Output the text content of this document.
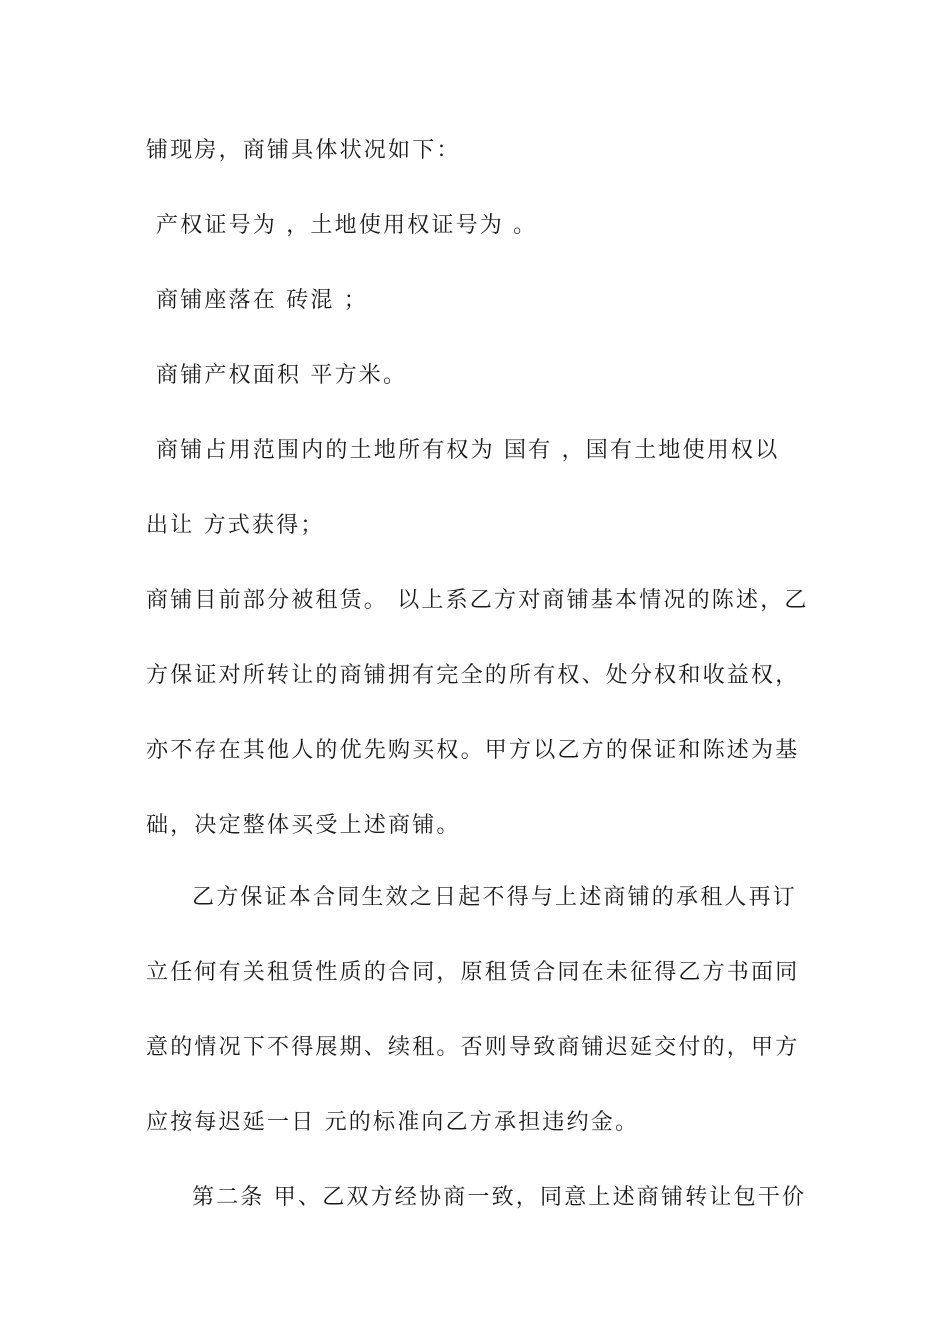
铺现房，商铺具体状况如下：
产权证号为 ，土地使用权证号为 。
商铺座落在 砖混 ；
商铺产权面积 平方米。
商铺占用范围内的土地所有权为 国有 ，国有土地使用权以
出让 方式获得；
商铺目前部分被租赁。 以上系乙方对商铺基本情况的陈述，乙
方保证对所转让的商铺拥有完全的所有权、处分权和收益权，
亦不存在其他人的优先购买权。甲方以乙方的保证和陈述为基
础，决定整体买受上述商铺。
乙方保证本合同生效之日起不得与上述商铺的承租人再订
立任何有关租赁性质的合同，原租赁合同在未征得乙方书面同
意的情况下不得展期、续租。否则导致商铺迟延交付的，甲方
应按每迟延一日 元的标准向乙方承担违约金。
第二条 甲、乙双方经协商一致，同意上述商铺转让包干价
